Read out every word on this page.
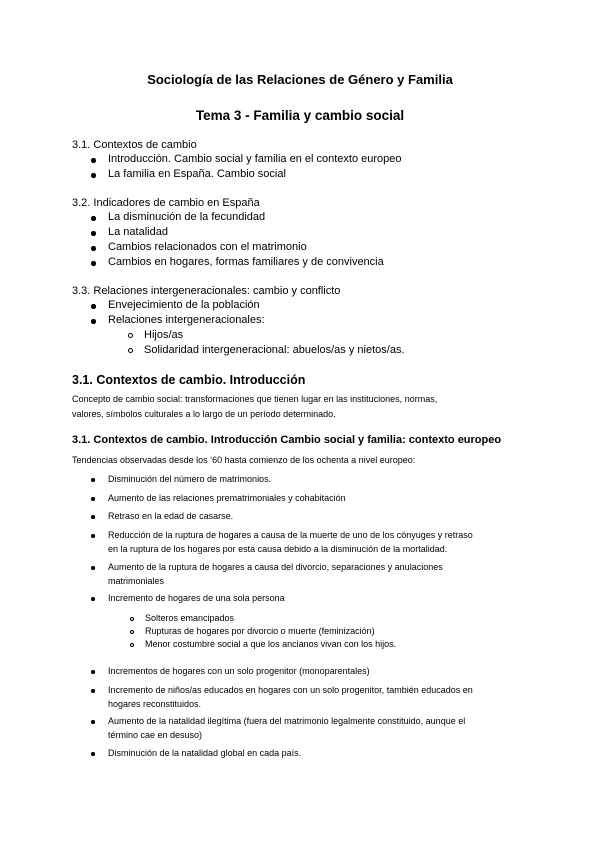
Sociología de las Relaciones de Género y Familia
Tema 3 - Familia y cambio social
3.1. Contextos de cambio
Introducción. Cambio social y familia en el contexto europeo
La familia en España. Cambio social
3.2. Indicadores de cambio en España
La disminución de la fecundidad
La natalidad
Cambios relacionados con el matrimonio
Cambios en hogares, formas familiares y de convivencia
3.3. Relaciones intergeneracionales: cambio y conflicto
Envejecimiento de la población
Relaciones intergeneracionales:
Hijos/as
Solidaridad intergeneracional: abuelos/as y nietos/as.
3.1. Contextos de cambio. Introducción
Concepto de cambio social: transformaciones que tienen lugar en las instituciones, normas,
valores, símbolos culturales a lo largo de un período determinado.
3.1. Contextos de cambio. Introducción Cambio social y familia: contexto europeo
Tendencias observadas desde los ‘60 hasta comienzo de los ochenta a nivel europeo:
Disminución del número de matrimonios.
Aumento de las relaciones prematrimoniales y cohabitación
Retraso en la edad de casarse.
Reducción de la ruptura de hogares a causa de la muerte de uno de los cónyuges y retraso
en la ruptura de los hogares por esta causa debido a la disminución de la mortalidad.
Aumento de la ruptura de hogares a causa del divorcio, separaciones y anulaciones
matrimoniales
Incremento de hogares de una sola persona
Solteros emancipados
Rupturas de hogares por divorcio o muerte (feminización)
Menor costumbre social a que los ancianos vivan con los hijos.
Incrementos de hogares con un solo progenitor (monoparentales)
Incremento de niños/as educados en hogares con un solo progenitor, también educados en
hogares reconstituidos.
Aumento de la natalidad ilegítima (fuera del matrimonio legalmente constituido, aunque el
término cae en desuso)
Disminución de la natalidad global en cada país.
